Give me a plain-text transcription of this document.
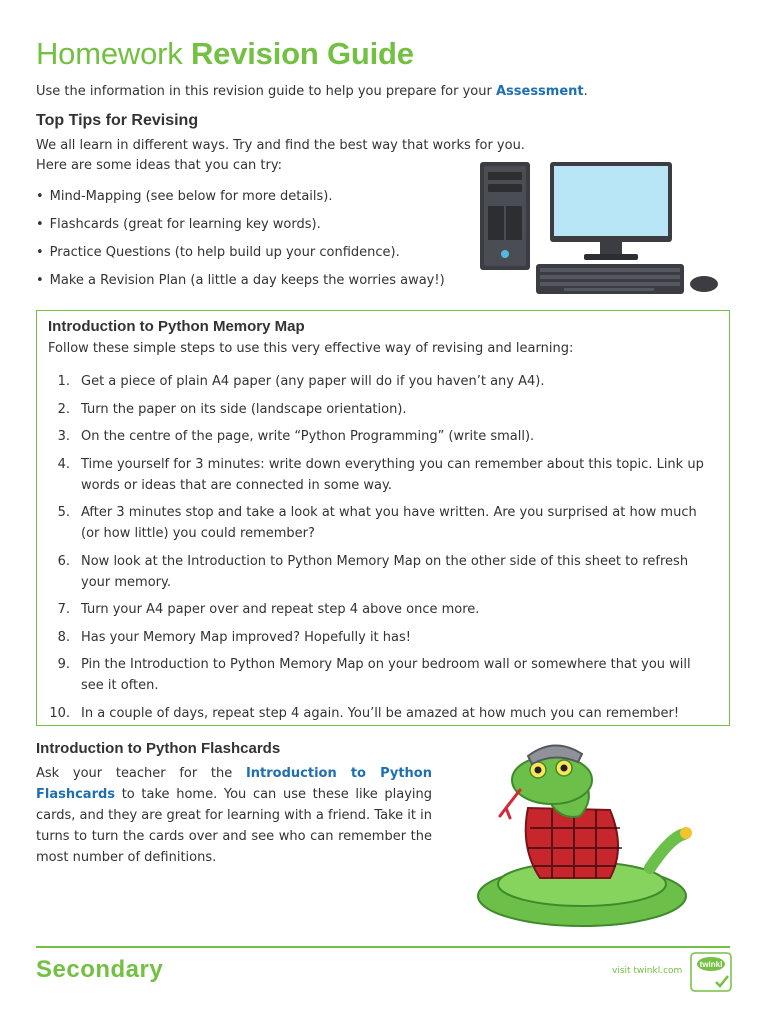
Homework Revision Guide
Use the information in this revision guide to help you prepare for your Assessment.
Top Tips for Revising
We all learn in different ways. Try and find the best way that works for you.
Here are some ideas that you can try:
• Mind-Mapping (see below for more details).
• Flashcards (great for learning key words).
• Practice Questions (to help build up your confidence).
• Make a Revision Plan (a little a day keeps the worries away!)
Introduction to Python Memory Map
Follow these simple steps to use this very effective way of revising and learning:
1. Get a piece of plain A4 paper (any paper will do if you haven’t any A4).
2. Turn the paper on its side (landscape orientation).
3. On the centre of the page, write “Python Programming” (write small).
4. Time yourself for 3 minutes: write down everything you can remember about this topic. Link up words or ideas that are connected in some way.
5. After 3 minutes stop and take a look at what you have written. Are you surprised at how much (or how little) you could remember?
6. Now look at the Introduction to Python Memory Map on the other side of this sheet to refresh your memory.
7. Turn your A4 paper over and repeat step 4 above once more.
8. Has your Memory Map improved? Hopefully it has!
9. Pin the Introduction to Python Memory Map on your bedroom wall or somewhere that you will see it often.
10. In a couple of days, repeat step 4 again. You’ll be amazed at how much you can remember!
Introduction to Python Flashcards
Ask your teacher for the Introduction to Python Flashcards to take home. You can use these like playing cards, and they are great for learning with a friend. Take it in turns to turn the cards over and see who can remember the most number of definitions.
Secondary	visit twinkl.com
twinkl
